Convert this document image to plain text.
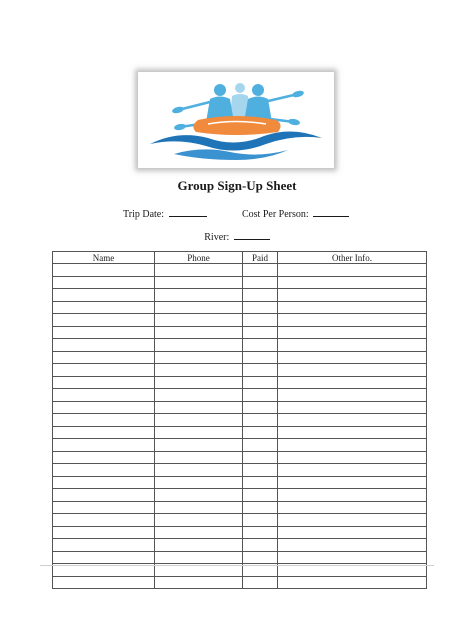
Group Sign-Up Sheet
Trip Date:	Cost Per Person:
River:
Name	Phone	Paid	Other Info.
